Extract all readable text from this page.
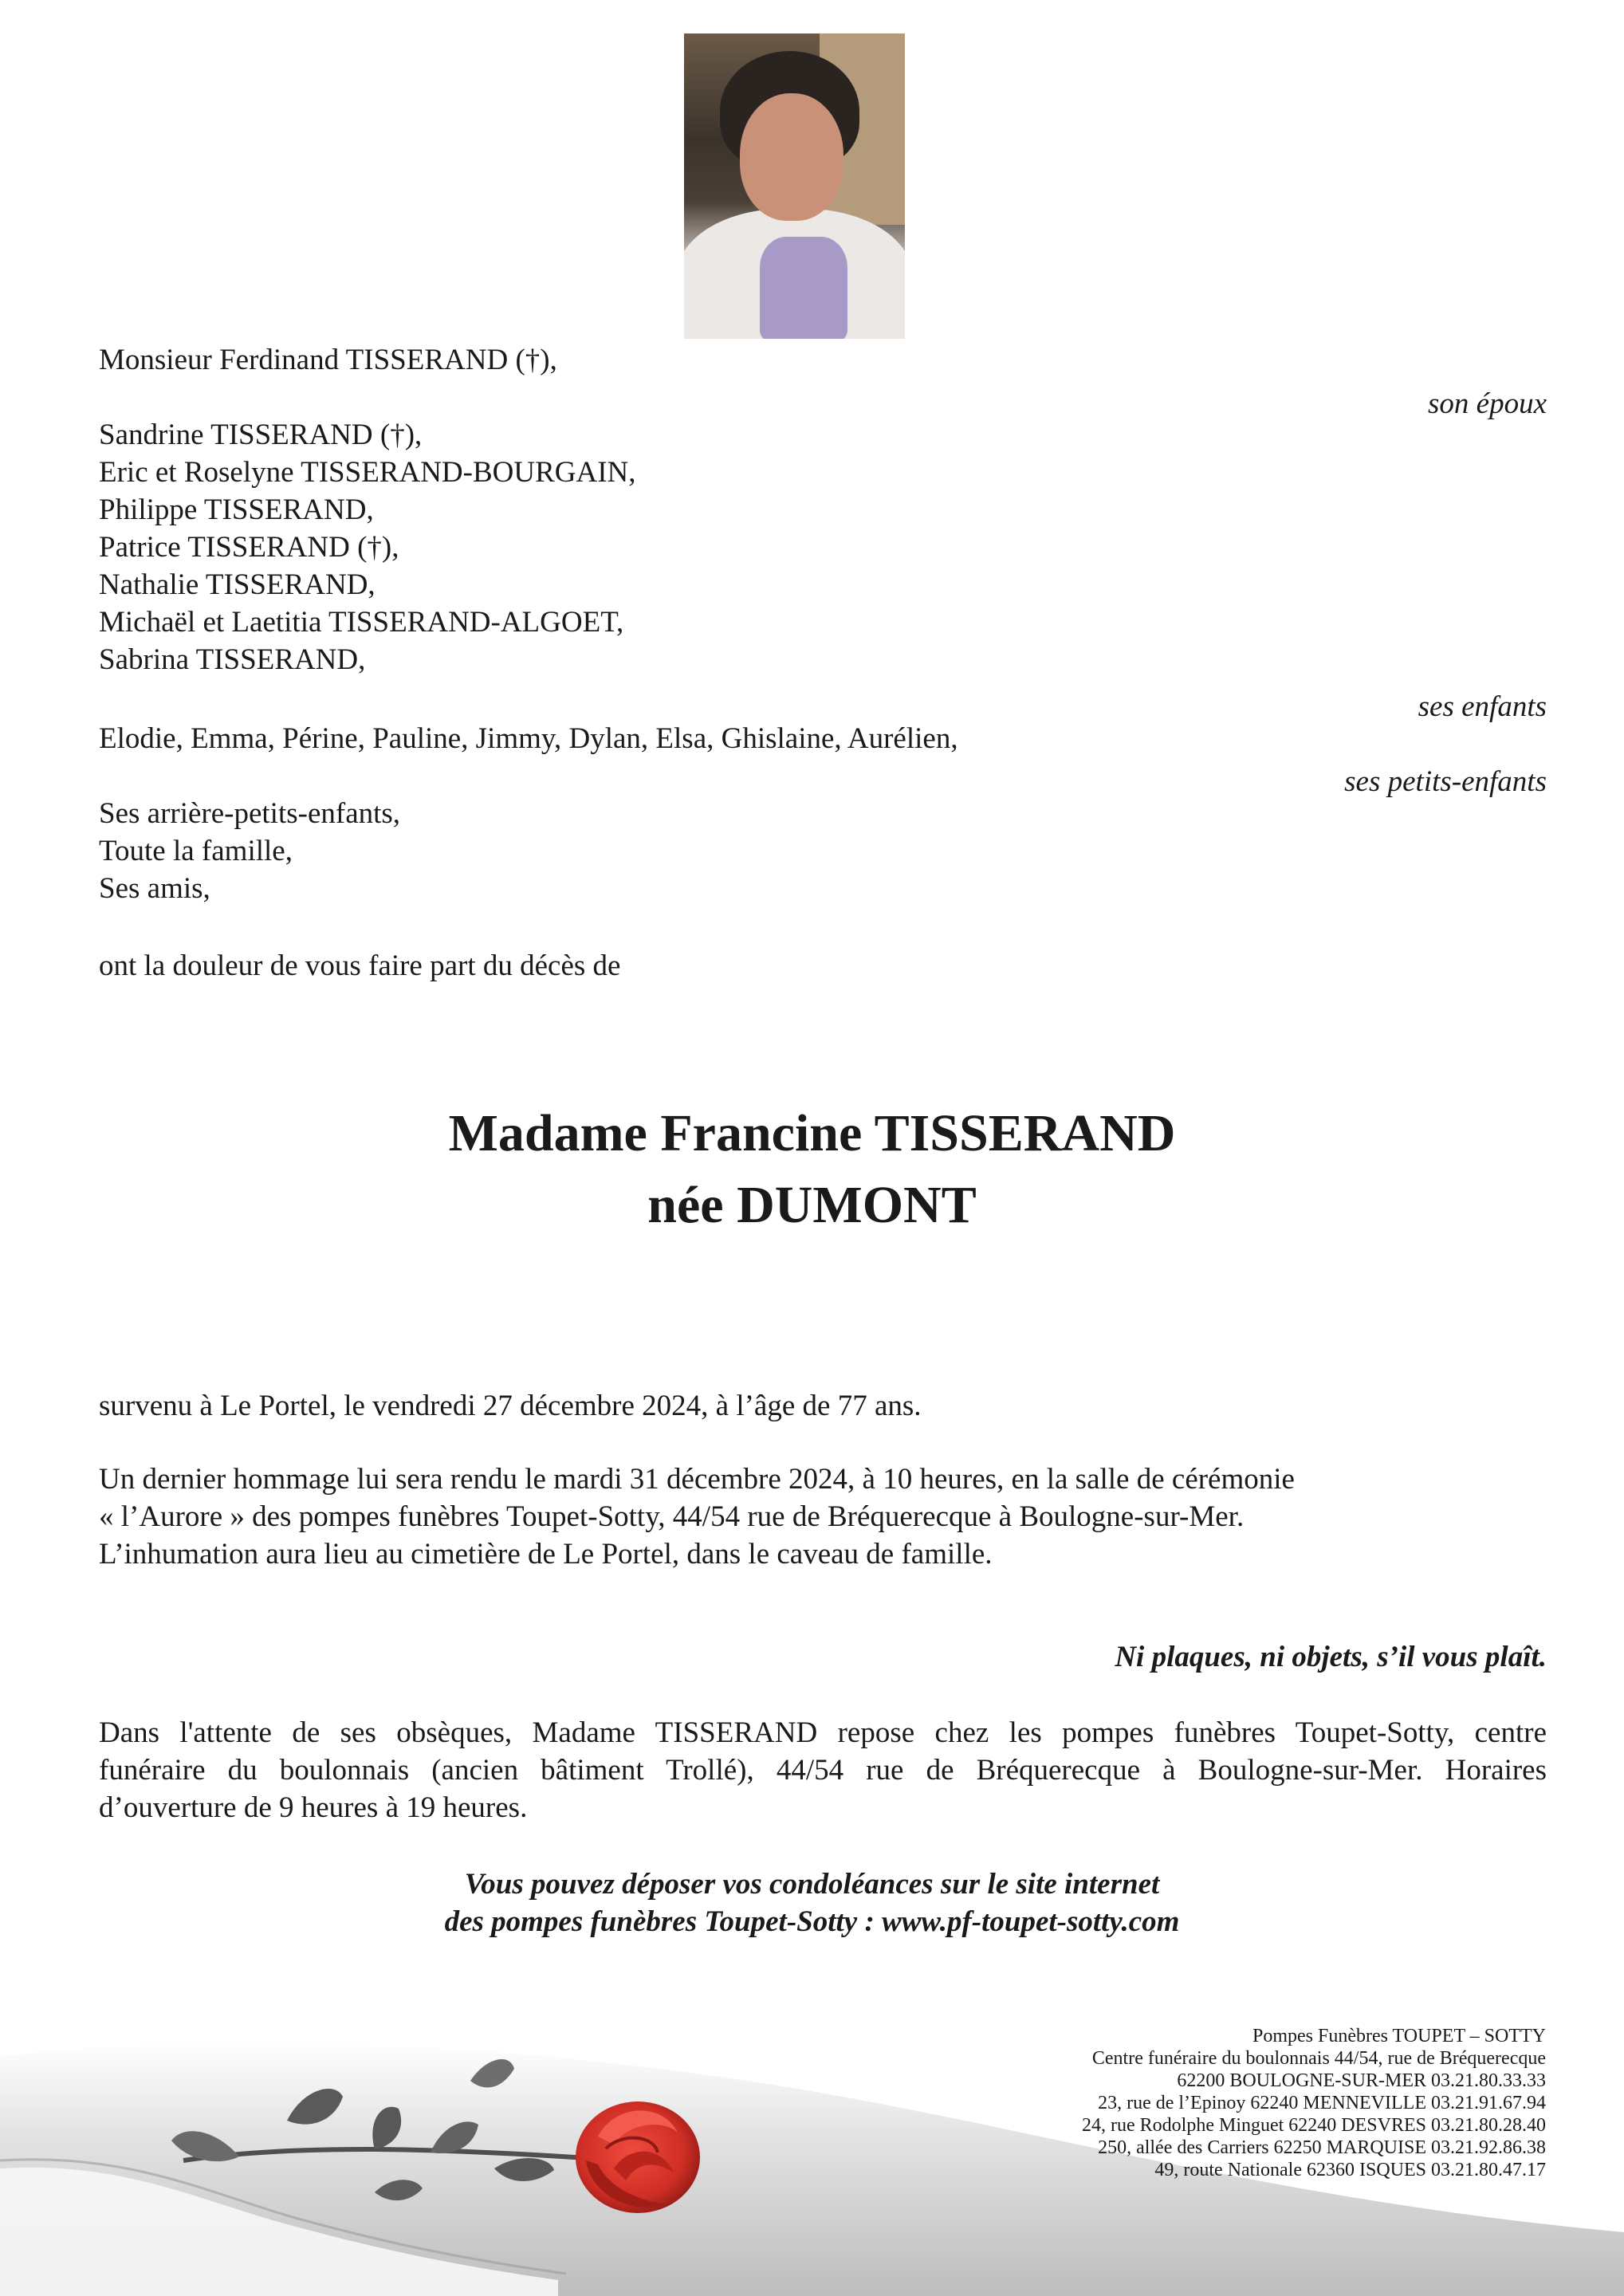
Monsieur Ferdinand TISSERAND (†),
son époux
Sandrine TISSERAND (†),
Eric et Roselyne TISSERAND-BOURGAIN,
Philippe TISSERAND,
Patrice TISSERAND (†),
Nathalie TISSERAND,
Michaël et Laetitia TISSERAND-ALGOET,
Sabrina TISSERAND,
ses enfants
Elodie, Emma, Périne, Pauline, Jimmy, Dylan, Elsa, Ghislaine, Aurélien,
ses petits-enfants
Ses arrière-petits-enfants,
Toute la famille,
Ses amis,
ont la douleur de vous faire part du décès de
Madame Francine TISSERAND
née DUMONT
survenu à Le Portel, le vendredi 27 décembre 2024, à l’âge de 77 ans.
Un dernier hommage lui sera rendu le mardi 31 décembre 2024, à 10 heures, en la salle de cérémonie
« l’Aurore » des pompes funèbres Toupet-Sotty, 44/54 rue de Bréquerecque à Boulogne-sur-Mer.
L’inhumation aura lieu au cimetière de Le Portel, dans le caveau de famille.
Ni plaques, ni objets, s’il vous plaît.
Dans l'attente de ses obsèques, Madame TISSERAND repose chez les pompes funèbres Toupet-Sotty, centre
funéraire du boulonnais (ancien bâtiment Trollé), 44/54 rue de Bréquerecque à Boulogne-sur-Mer. Horaires
d’ouverture de 9 heures à 19 heures.
Vous pouvez déposer vos condoléances sur le site internet
des pompes funèbres Toupet-Sotty : www.pf-toupet-sotty.com
Pompes Funèbres TOUPET – SOTTY
Centre funéraire du boulonnais 44/54, rue de Bréquerecque
62200 BOULOGNE-SUR-MER 03.21.80.33.33
23, rue de l’Epinoy 62240 MENNEVILLE 03.21.91.67.94
24, rue Rodolphe Minguet 62240 DESVRES 03.21.80.28.40
250, allée des Carriers 62250 MARQUISE 03.21.92.86.38
49, route Nationale 62360 ISQUES 03.21.80.47.17
